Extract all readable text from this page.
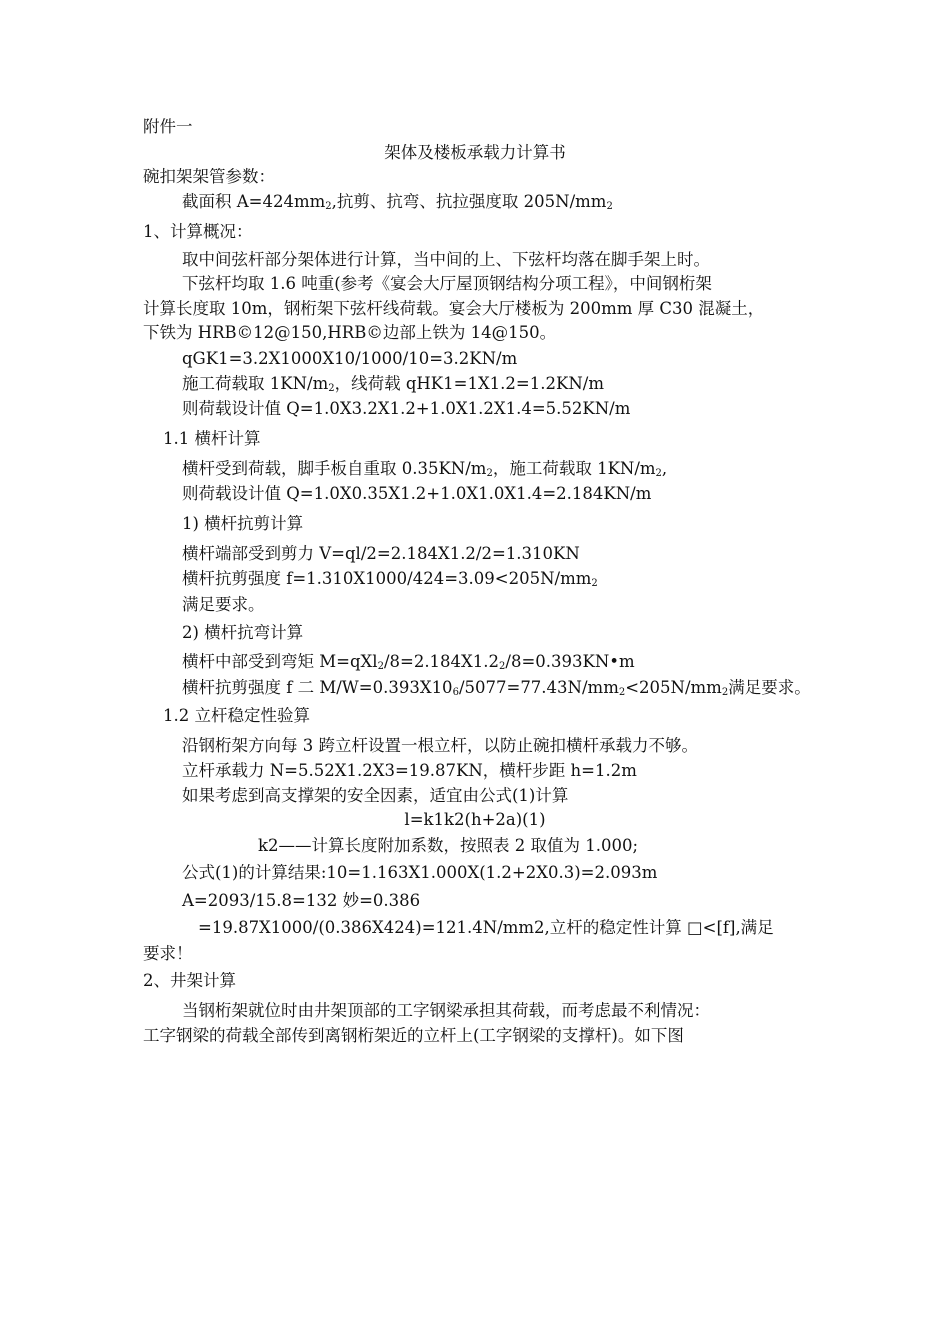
附件一
架体及楼板承载力计算书
碗扣架架管参数：
截面积 $A=424mm_2$,抗剪、抗弯、抗拉强度取 $205N/mm_2$
1、计算概况：
取中间弦杆部分架体进行计算，当中间的上、下弦杆均落在脚手架上时。
下弦杆均取 1.6 吨重(参考《宴会大厅屋顶钢结构分项工程》，中间钢桁架
计算长度取 10m，钢桁架下弦杆线荷载。宴会大厅楼板为 200mm 厚 C30 混凝土，
下铁为 HRB©12@150,HRB©边部上铁为 14@150。
qGK1=3.2X1000X10/1000/10=3.2KN/m
施工荷载取 $1KN/m_2$，线荷载 qHK1=1X1.2=1.2KN/m
则荷载设计值 Q=1.0X3.2X1.2+1.0X1.2X1.4=5.52KN/m
1.1 横杆计算
横杆受到荷载，脚手板自重取 $0.35KN/m_2$，施工荷载取 $1KN/m_2$,
则荷载设计值 Q=1.0X0.35X1.2+1.0X1.0X1.4=2.184KN/m
1) 横杆抗剪计算
横杆端部受到剪力 V=ql/2=2.184X1.2/2=1.310KN
横杆抗剪强度 $f=1.310X1000/424=3.09<205N/mm_2$
满足要求。
2) 横杆抗弯计算
横杆中部受到弯矩 $M=qXl_2/8=2.184X1.2_2/8=0.393KN•m$
横杆抗剪强度 f 二 $M/W=0.393X10_6/5077=77.43N/mm_2<205N/mm_2$满足要求。
1.2 立杆稳定性验算
沿钢桁架方向每 3 跨立杆设置一根立杆，以防止碗扣横杆承载力不够。
立杆承载力 N=5.52X1.2X3=19.87KN，横杆步距 h=1.2m
如果考虑到高支撑架的安全因素，适宜由公式(1)计算
l=k1k2(h+2a)(1)
k2——计算长度附加系数，按照表 2 取值为 1.000;
公式(1)的计算结果:10=1.163X1.000X(1.2+2X0.3)=2.093m
A=2093/15.8=132 妙=0.386
=19.87X1000/(0.386X424)=121.4N/mm2,立杆的稳定性计算 □<[f],满足
要求！
2、井架计算
当钢桁架就位时由井架顶部的工字钢梁承担其荷载，而考虑最不利情况：
工字钢梁的荷载全部传到离钢桁架近的立杆上(工字钢梁的支撑杆)。如下图
